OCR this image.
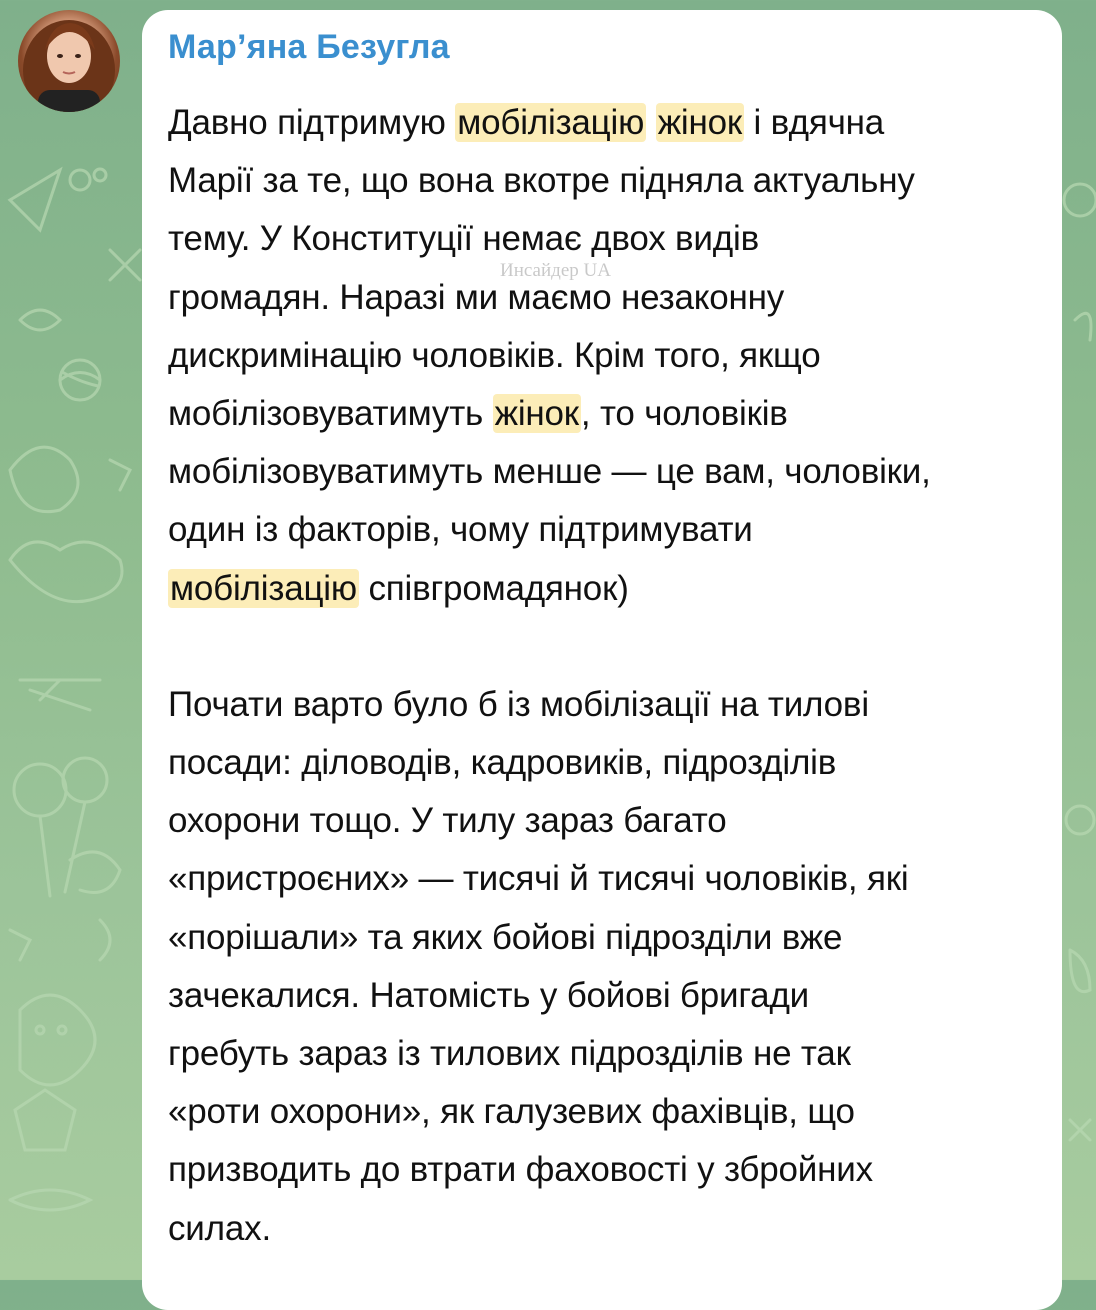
Мар’яна Безугла
Инсайдер UA

Давно підтримую мобілізацію жінок і вдячна
Марії за те, що вона вкотре підняла актуальну
тему. У Конституції немає двох видів
громадян. Наразі ми маємо незаконну
дискримінацію чоловіків. Крім того, якщо
мобілізовуватимуть жінок, то чоловіків
мобілізовуватимуть менше — це вам, чоловіки,
один із факторів, чому підтримувати
мобілізацію співгромадянок)

Почати варто було б із мобілізації на тилові
посади: діловодів, кадровиків, підрозділів
охорони тощо. У тилу зараз багато
«пристроєних» — тисячі й тисячі чоловіків, які
«порішали» та яких бойові підрозділи вже
зачекалися. Натомість у бойові бригади
гребуть зараз із тилових підрозділів не так
«роти охорони», як галузевих фахівців, що
призводить до втрати фаховості у збройних
силах.
